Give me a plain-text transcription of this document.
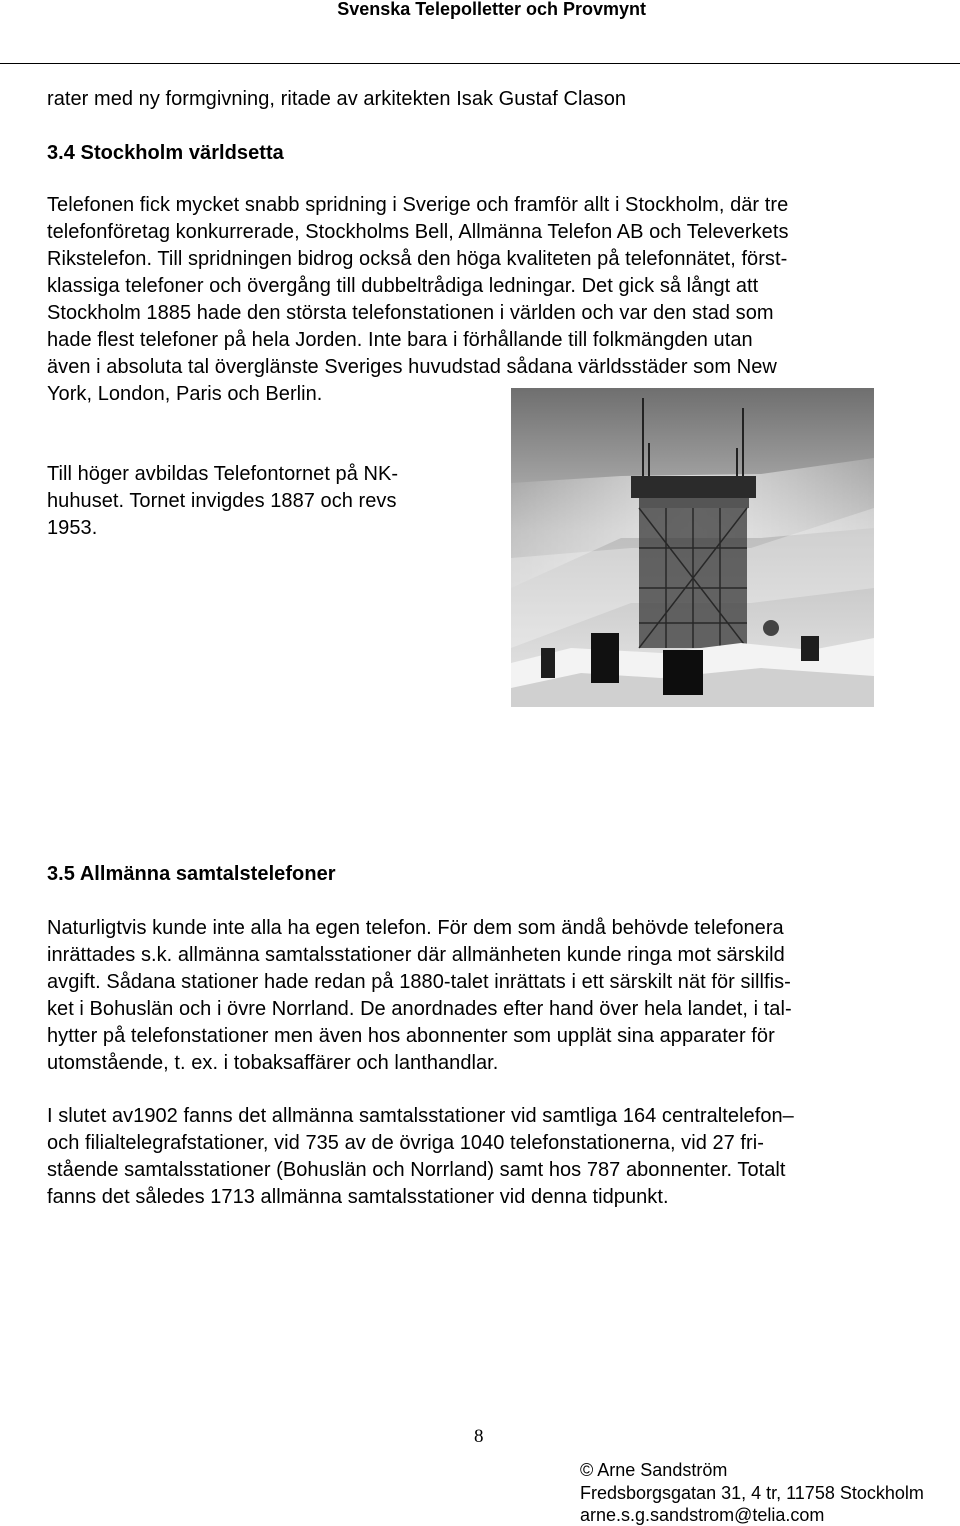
Svenska Telepolletter och Provmynt
rater med ny formgivning, ritade av arkitekten Isak Gustaf Clason
3.4 Stockholm världsetta
Telefonen fick mycket snabb spridning i Sverige och framför allt i Stockholm, där tre
telefonföretag konkurrerade, Stockholms Bell, Allmänna Telefon AB och Televerkets
Rikstelefon. Till spridningen bidrog också den höga kvaliteten på telefonnätet, först-
klassiga telefoner och övergång till dubbeltrådiga ledningar. Det gick så långt att
Stockholm 1885 hade den största telefonstationen i världen och var den stad som
hade flest telefoner på hela Jorden. Inte bara i förhållande till folkmängden utan
även i absoluta tal överglänste Sveriges huvudstad sådana världsstäder som New
York, London, Paris och Berlin.
Till höger avbildas Telefontornet på NK-
huhuset. Tornet invigdes 1887 och revs
1953.
3.5 Allmänna samtalstelefoner
Naturligtvis kunde inte alla ha egen telefon. För dem som ändå behövde telefonera
inrättades s.k. allmänna samtalsstationer där allmänheten kunde ringa mot särskild
avgift. Sådana stationer hade redan på 1880-talet inrättats i ett särskilt nät för sillfis-
ket i Bohuslän och i övre Norrland. De anordnades efter hand över hela landet, i tal-
hytter på telefonstationer men även hos abonnenter som upplät sina apparater för
utomstående, t. ex. i tobaksaffärer och lanthandlar.
I slutet av1902 fanns det allmänna samtalsstationer vid samtliga 164 centraltelefon–
och filialtelegrafstationer, vid 735 av de övriga 1040 telefonstationerna, vid 27 fri-
stående samtalsstationer (Bohuslän och Norrland) samt hos 787 abonnenter. Totalt
fanns det således 1713 allmänna samtalsstationer vid denna tidpunkt.
8
© Arne Sandström
Fredsborgsgatan 31, 4 tr, 11758 Stockholm
arne.s.g.sandstrom@telia.com
